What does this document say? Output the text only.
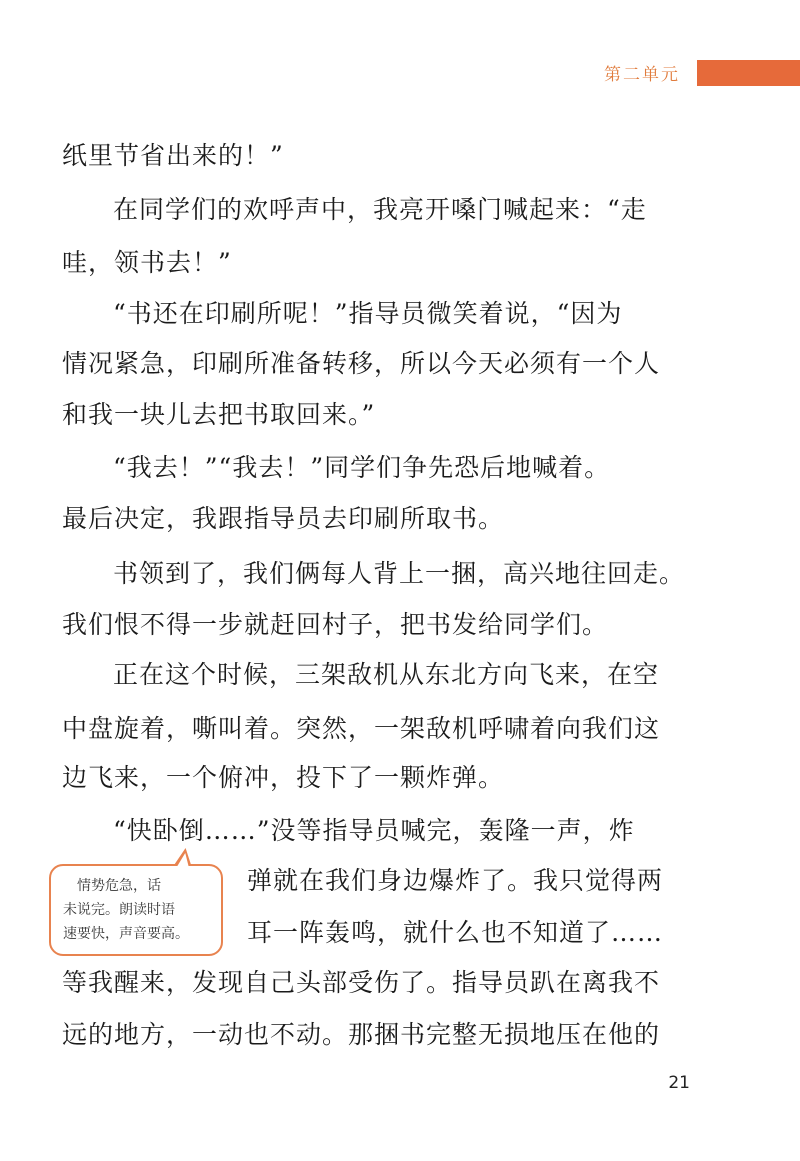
第二单元
纸里节省出来的！”
在同学们的欢呼声中，我亮开嗓门喊起来：“走
哇，领书去！”
“书还在印刷所呢！”指导员微笑着说，“因为
情况紧急，印刷所准备转移，所以今天必须有一个人
和我一块儿去把书取回来。”
“我去！”“我去！”同学们争先恐后地喊着。
最后决定，我跟指导员去印刷所取书。
书领到了，我们俩每人背上一捆，高兴地往回走。
我们恨不得一步就赶回村子，把书发给同学们。
正在这个时候，三架敌机从东北方向飞来，在空
中盘旋着，嘶叫着。突然，一架敌机呼啸着向我们这
边飞来，一个俯冲，投下了一颗炸弹。
“快卧倒……”没等指导员喊完，轰隆一声，炸
弹就在我们身边爆炸了。我只觉得两
耳一阵轰鸣，就什么也不知道了……
等我醒来，发现自己头部受伤了。指导员趴在离我不
远的地方，一动也不动。那捆书完整无损地压在他的
情势危急，话
未说完。朗读时语
速要快，声音要高。
21
